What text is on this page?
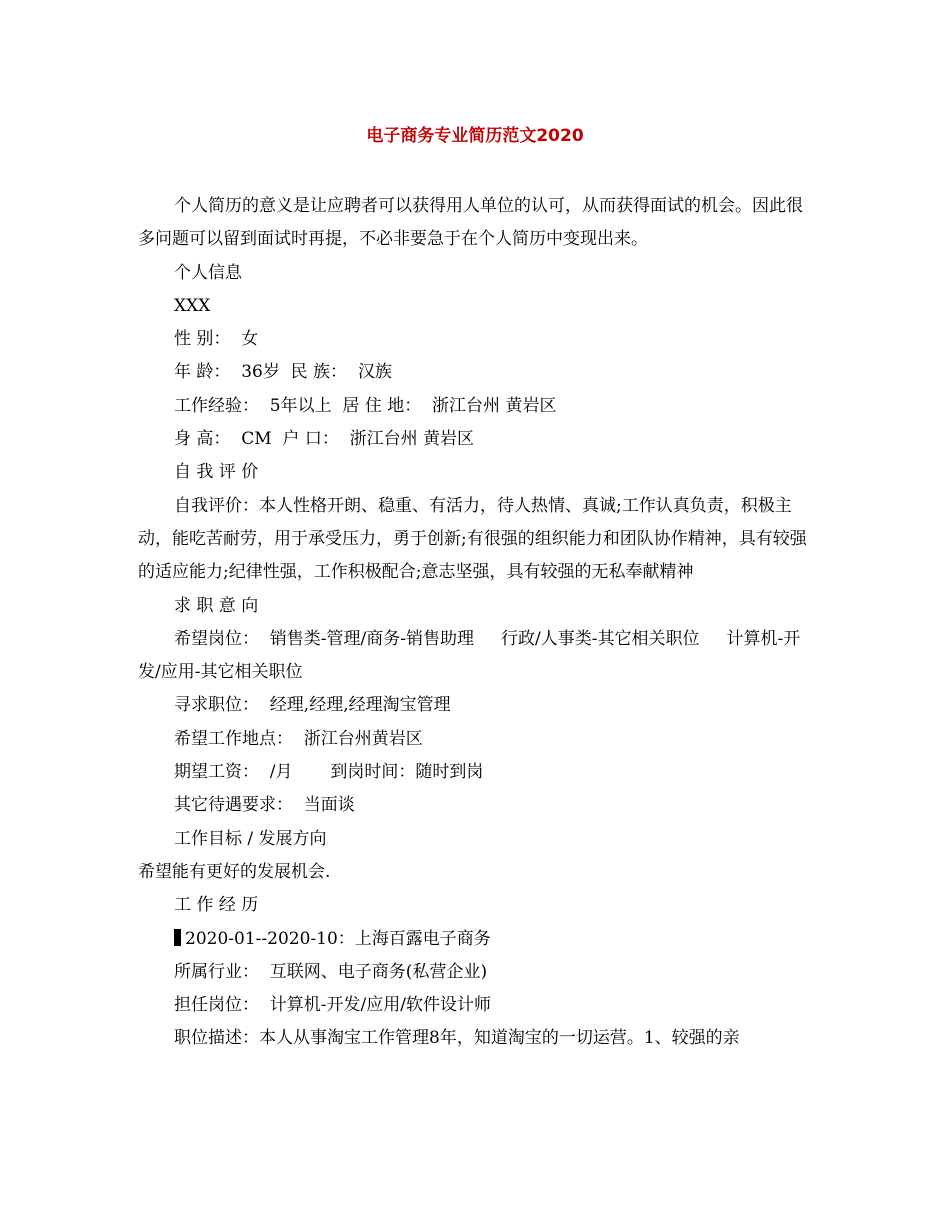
电子商务专业简历范文2020

个人简历的意义是让应聘者可以获得用人单位的认可，从而获得面试的机会。因此很多问题可以留到面试时再提，不必非要急于在个人简历中变现出来。

个人信息

XXX

性 别：  女

年 龄：  36岁  民 族：  汉族

工作经验：  5年以上  居 住 地：  浙江台州 黄岩区

身 高：  CM  户 口：  浙江台州 黄岩区

自 我 评 价

自我评价：本人性格开朗、稳重、有活力，待人热情、真诚;工作认真负责，积极主动，能吃苦耐劳，用于承受压力，勇于创新;有很强的组织能力和团队协作精神，具有较强的适应能力;纪律性强，工作积极配合;意志坚强，具有较强的无私奉献精神

求 职 意 向

希望岗位：  销售类-管理/商务-销售助理     行政/人事类-其它相关职位     计算机-开发/应用-其它相关职位

寻求职位：  经理,经理,经理淘宝管理

希望工作地点：  浙江台州黄岩区

期望工资：  /月       到岗时间：随时到岗

其它待遇要求：  当面谈

工作目标 / 发展方向

希望能有更好的发展机会.

工 作 经 历

2020-01--2020-10：上海百露电子商务

所属行业：  互联网、电子商务(私营企业)

担任岗位：  计算机-开发/应用/软件设计师

职位描述：本人从事淘宝工作管理8年，知道淘宝的一切运营。1、较强的亲
